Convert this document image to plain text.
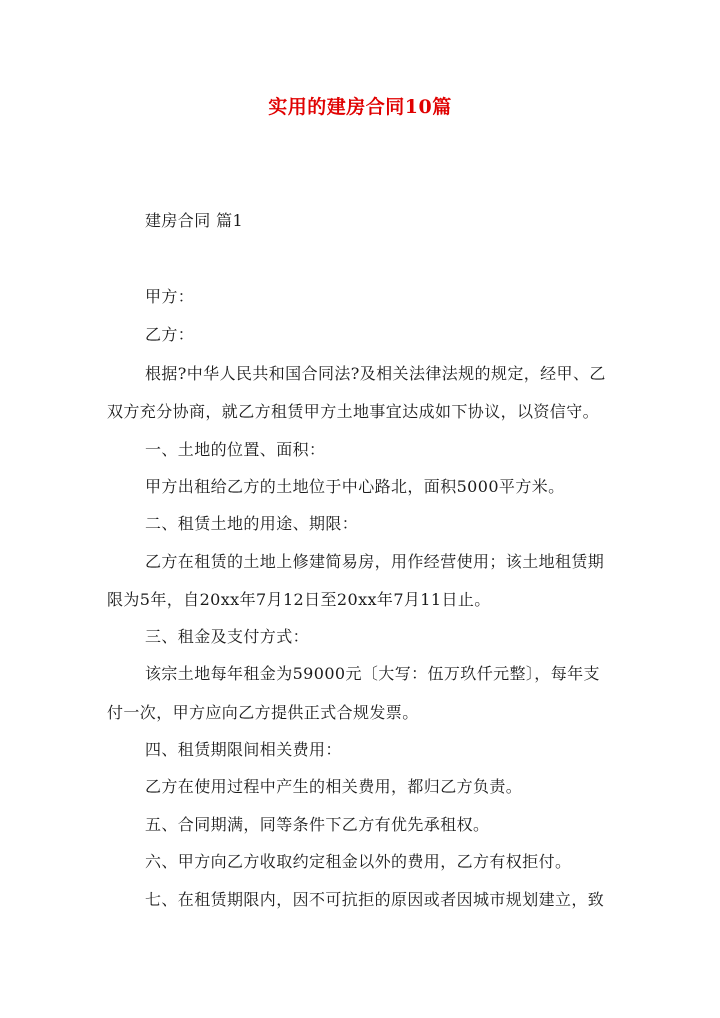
实用的建房合同10篇
建房合同 篇1
甲方：
乙方：
根据?中华人民共和国合同法?及相关法律法规的规定，经甲、乙
双方充分协商，就乙方租赁甲方土地事宜达成如下协议，以资信守。
一、土地的位置、面积：
甲方出租给乙方的土地位于中心路北，面积5000平方米。
二、租赁土地的用途、期限：
乙方在租赁的土地上修建简易房，用作经营使用；该土地租赁期
限为5年，自20xx年7月12日至20xx年7月11日止。
三、租金及支付方式：
该宗土地每年租金为59000元〔大写：伍万玖仟元整〕，每年支
付一次，甲方应向乙方提供正式合规发票。
四、租赁期限间相关费用：
乙方在使用过程中产生的相关费用，都归乙方负责。
五、合同期满，同等条件下乙方有优先承租权。
六、甲方向乙方收取约定租金以外的费用，乙方有权拒付。
七、在租赁期限内，因不可抗拒的原因或者因城市规划建立，致
